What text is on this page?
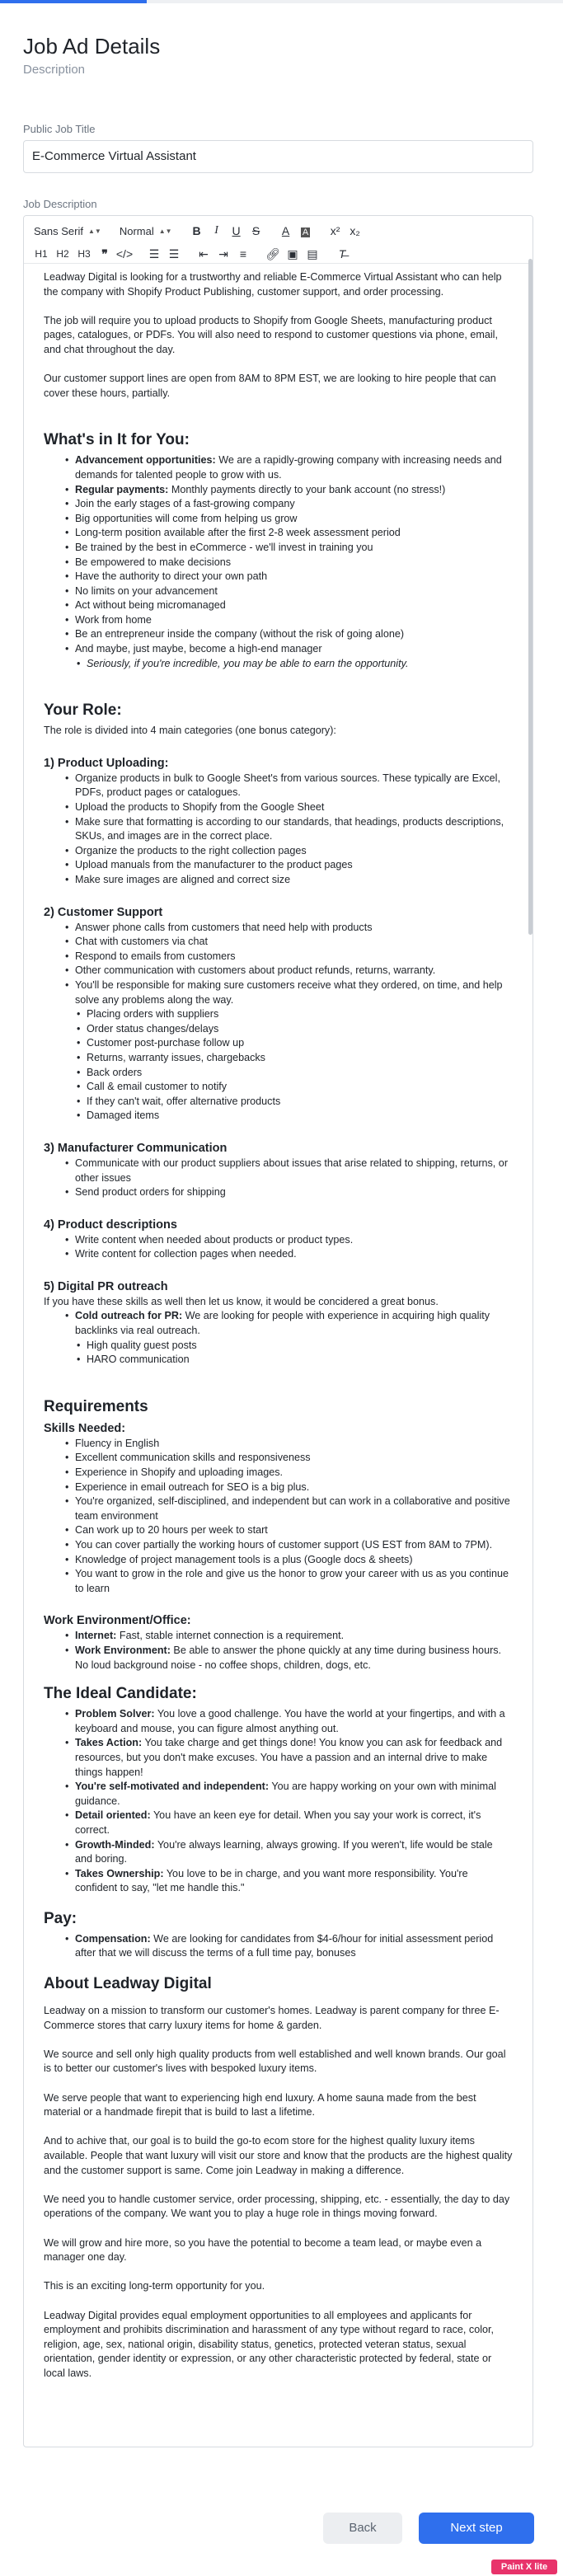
Job Ad Details
Description
Public Job Title
E-Commerce Virtual Assistant
Job Description
Sans Serif ▲▼ Normal ▲▼	B	I	U	S	A	A	x² x₂
H1 H2 H3 ❞ </>	☰ ☰	⇤ ⇥	≡	🔗︎ ▣ ▤	T̶

Leadway Digital is looking for a trustworthy and reliable E-Commerce Virtual Assistant who can help the company with Shopify Product Publishing, customer support, and order processing.

The job will require you to upload products to Shopify from Google Sheets, manufacturing product pages, catalogues, or PDFs. You will also need to respond to customer questions via phone, email, and chat throughout the day.

Our customer support lines are open from 8AM to 8PM EST, we are looking to hire people that can cover these hours, partially.

What's in It for You:
• Advancement opportunities: We are a rapidly-growing company with increasing needs and demands for talented people to grow with us.
• Regular payments: Monthly payments directly to your bank account (no stress!)
• Join the early stages of a fast-growing company
• Big opportunities will come from helping us grow
• Long-term position available after the first 2-8 week assessment period
• Be trained by the best in eCommerce - we'll invest in training you
• Be empowered to make decisions
• Have the authority to direct your own path
• No limits on your advancement
• Act without being micromanaged
• Work from home
• Be an entrepreneur inside the company (without the risk of going alone)
• And maybe, just maybe, become a high-end manager
• Seriously, if you're incredible, you may be able to earn the opportunity.
Your Role:
The role is divided into 4 main categories (one bonus category):
1) Product Uploading:
• Organize products in bulk to Google Sheet's from various sources. These typically are Excel, PDFs, product pages or catalogues.
• Upload the products to Shopify from the Google Sheet
• Make sure that formatting is according to our standards, that headings, products descriptions, SKUs, and images are in the correct place.
• Organize the products to the right collection pages
• Upload manuals from the manufacturer to the product pages
• Make sure images are aligned and correct size
2) Customer Support
• Answer phone calls from customers that need help with products
• Chat with customers via chat
• Respond to emails from customers
• Other communication with customers about product refunds, returns, warranty.
• You'll be responsible for making sure customers receive what they ordered, on time, and help solve any problems along the way.
• Placing orders with suppliers
• Order status changes/delays
• Customer post-purchase follow up
• Returns, warranty issues, chargebacks
• Back orders
• Call & email customer to notify
• If they can't wait, offer alternative products
• Damaged items
3) Manufacturer Communication
• Communicate with our product suppliers about issues that arise related to shipping, returns, or other issues
• Send product orders for shipping
4) Product descriptions
• Write content when needed about products or product types.
• Write content for collection pages when needed.
5) Digital PR outreach
If you have these skills as well then let us know, it would be concidered a great bonus.
• Cold outreach for PR: We are looking for people with experience in acquiring high quality backlinks via real outreach.
• High quality guest posts
• HARO communication
Requirements
Skills Needed:
• Fluency in English
• Excellent communication skills and responsiveness
• Experience in Shopify and uploading images.
• Experience in email outreach for SEO is a big plus.
• You're organized, self-disciplined, and independent but can work in a collaborative and positive team environment
• Can work up to 20 hours per week to start
• You can cover partially the working hours of customer support (US EST from 8AM to 7PM).
• Knowledge of project management tools is a plus (Google docs & sheets)
• You want to grow in the role and give us the honor to grow your career with us as you continue to learn
Work Environment/Office:
• Internet: Fast, stable internet connection is a requirement.
• Work Environment: Be able to answer the phone quickly at any time during business hours. No loud background noise - no coffee shops, children, dogs, etc.
The Ideal Candidate:
• Problem Solver: You love a good challenge. You have the world at your fingertips, and with a keyboard and mouse, you can figure almost anything out.
• Takes Action: You take charge and get things done! You know you can ask for feedback and resources, but you don't make excuses. You have a passion and an internal drive to make things happen!
• You're self-motivated and independent: You are happy working on your own with minimal guidance.
• Detail oriented: You have an keen eye for detail. When you say your work is correct, it's correct.
• Growth-Minded: You're always learning, always growing. If you weren't, life would be stale and boring.
• Takes Ownership: You love to be in charge, and you want more responsibility. You're confident to say, "let me handle this."
Pay:
• Compensation: We are looking for candidates from $4-6/hour for initial assessment period after that we will discuss the terms of a full time pay, bonuses
About Leadway Digital

Leadway on a mission to transform our customer's homes. Leadway is parent company for three E-Commerce stores that carry luxury items for home & garden.

We source and sell only high quality products from well established and well known brands. Our goal is to better our customer's lives with bespoked luxury items.

We serve people that want to experiencing high end luxury. A home sauna made from the best material or a handmade firepit that is build to last a lifetime.

And to achive that, our goal is to build the go-to ecom store for the highest quality luxury items available. People that want luxury will visit our store and know that the products are the highest quality and the customer support is same. Come join Leadway in making a difference.

We need you to handle customer service, order processing, shipping, etc. - essentially, the day to day operations of the company. We want you to play a huge role in things moving forward.

We will grow and hire more, so you have the potential to become a team lead, or maybe even a manager one day.

This is an exciting long-term opportunity for you.

Leadway Digital provides equal employment opportunities to all employees and applicants for employment and prohibits discrimination and harassment of any type without regard to race, color, religion, age, sex, national origin, disability status, genetics, protected veteran status, sexual orientation, gender identity or expression, or any other characteristic protected by federal, state or local laws.

Back	Next step
Paint X lite
